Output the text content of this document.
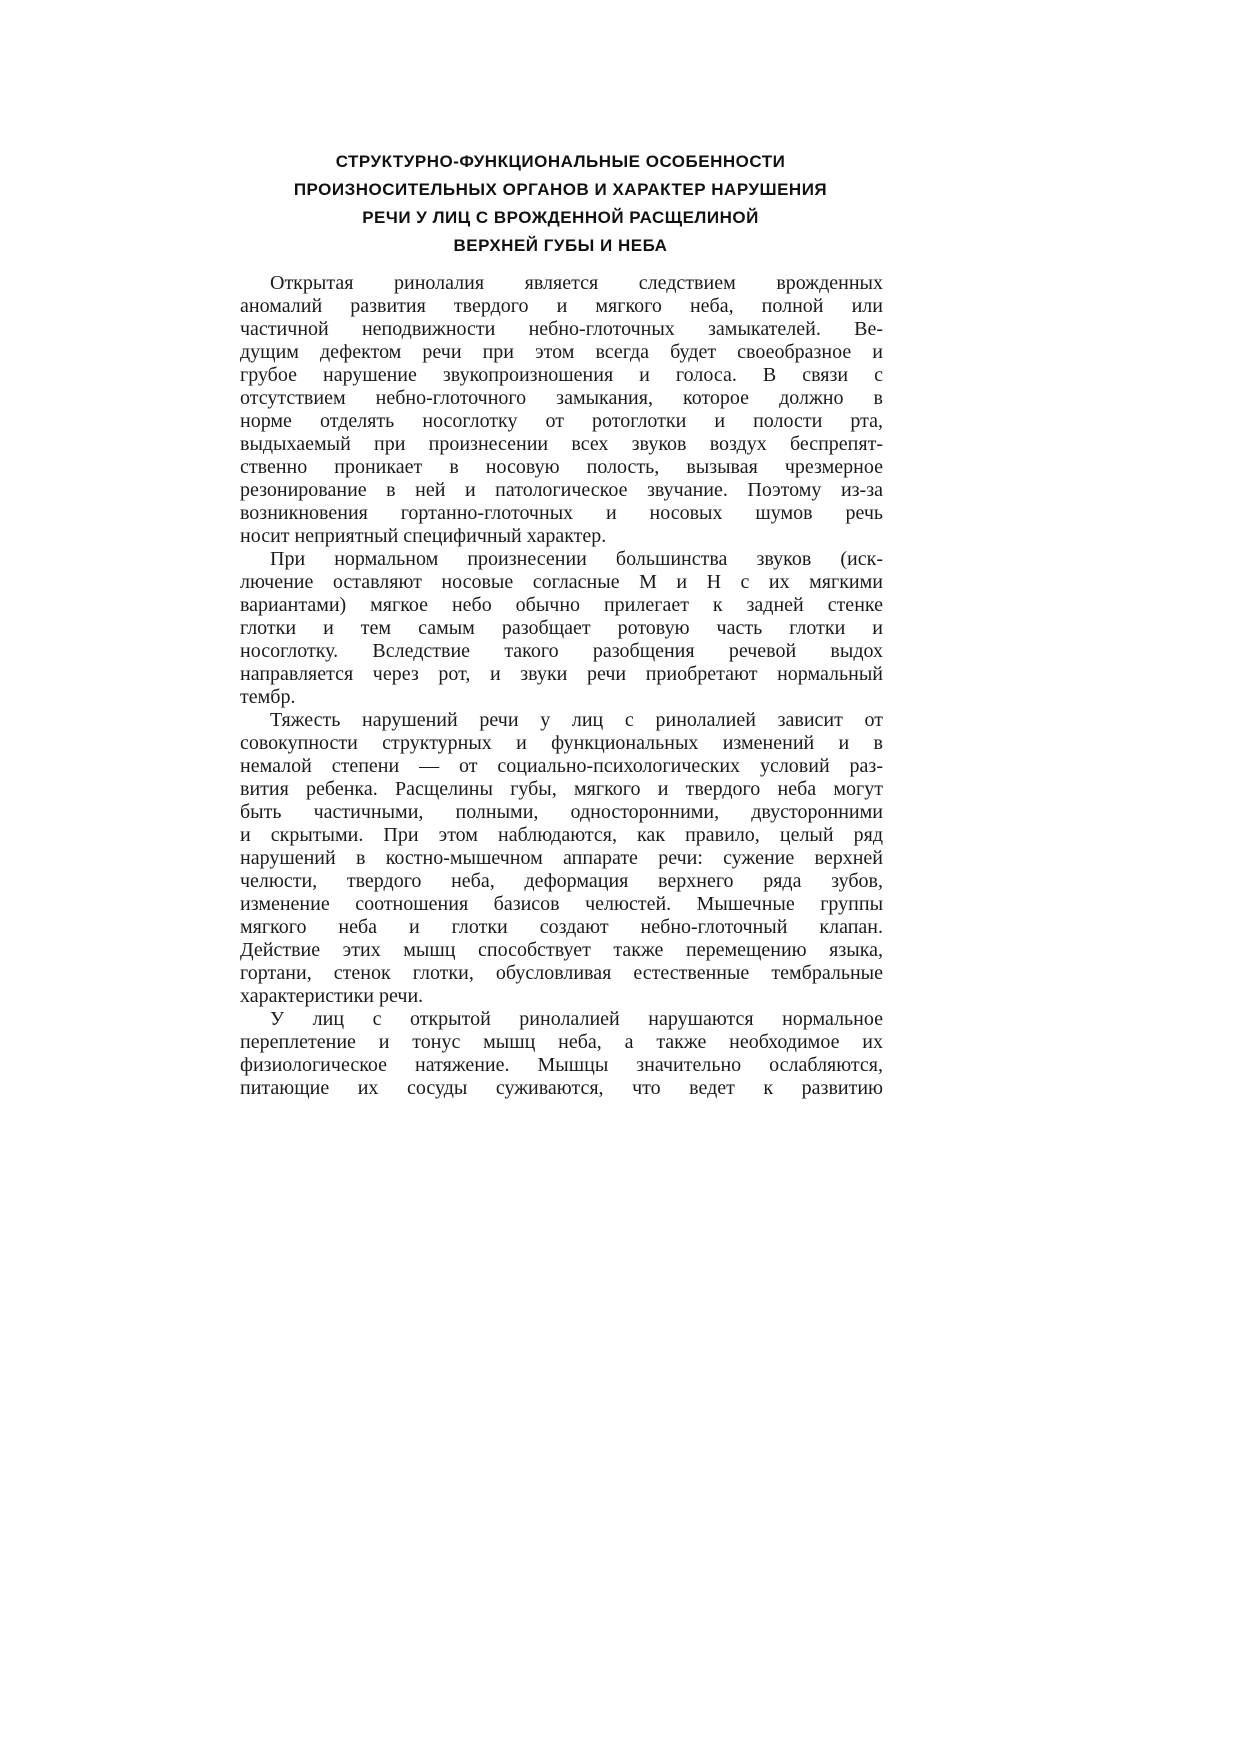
СТРУКТУРНО-ФУНКЦИОНАЛЬНЫЕ ОСОБЕННОСТИ
ПРОИЗНОСИТЕЛЬНЫХ ОРГАНОВ И ХАРАКТЕР НАРУШЕНИЯ
РЕЧИ У ЛИЦ С ВРОЖДЕННОЙ РАСЩЕЛИНОЙ
ВЕРХНЕЙ ГУБЫ И НЕБА
Открытая ринолалия является следствием врожденных
аномалий развития твердого и мягкого неба, полной или
частичной неподвижности небно-глоточных замыкателей. Ве-
дущим дефектом речи при этом всегда будет своеобразное и
грубое нарушение звукопроизношения и голоса. В связи с
отсутствием небно-глоточного замыкания, которое должно в
норме отделять носоглотку от ротоглотки и полости рта,
выдыхаемый при произнесении всех звуков воздух беспрепят-
ственно проникает в носовую полость, вызывая чрезмерное
резонирование в ней и патологическое звучание. Поэтому из-за
возникновения гортанно-глоточных и носовых шумов речь
носит неприятный специфичный характер.
При нормальном произнесении большинства звуков (иск-
лючение оставляют носовые согласные М и Н с их мягкими
вариантами) мягкое небо обычно прилегает к задней стенке
глотки и тем самым разобщает ротовую часть глотки и
носоглотку. Вследствие такого разобщения речевой выдох
направляется через рот, и звуки речи приобретают нормальный
тембр.
Тяжесть нарушений речи у лиц с ринолалией зависит от
совокупности структурных и функциональных изменений и в
немалой степени — от социально-психологических условий раз-
вития ребенка. Расщелины губы, мягкого и твердого неба могут
быть частичными, полными, односторонними, двусторонними
и скрытыми. При этом наблюдаются, как правило, целый ряд
нарушений в костно-мышечном аппарате речи: сужение верхней
челюсти, твердого неба, деформация верхнего ряда зубов,
изменение соотношения базисов челюстей. Мышечные группы
мягкого неба и глотки создают небно-глоточный клапан.
Действие этих мышц способствует также перемещению языка,
гортани, стенок глотки, обусловливая естественные тембральные
характеристики речи.
У лиц с открытой ринолалией нарушаются нормальное
переплетение и тонус мышц неба, а также необходимое их
физиологическое натяжение. Мышцы значительно ослабляются,
питающие их сосуды суживаются, что ведет к развитию
